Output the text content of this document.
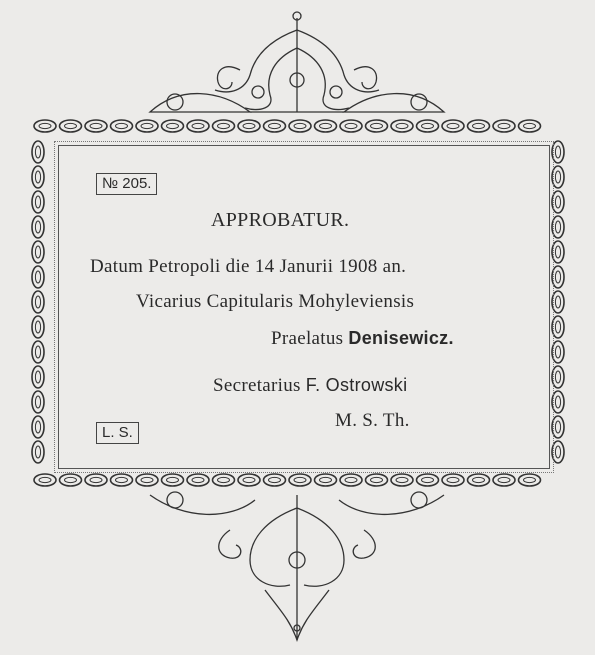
№ 205.
L. S.
APPROBATUR.
Datum Petropoli die 14 Janurii 1908 an.
Vicarius Capitularis Mohyleviensis
Praelatus Denisewicz.
Secretarius F. Ostrowski
M. S. Th.
